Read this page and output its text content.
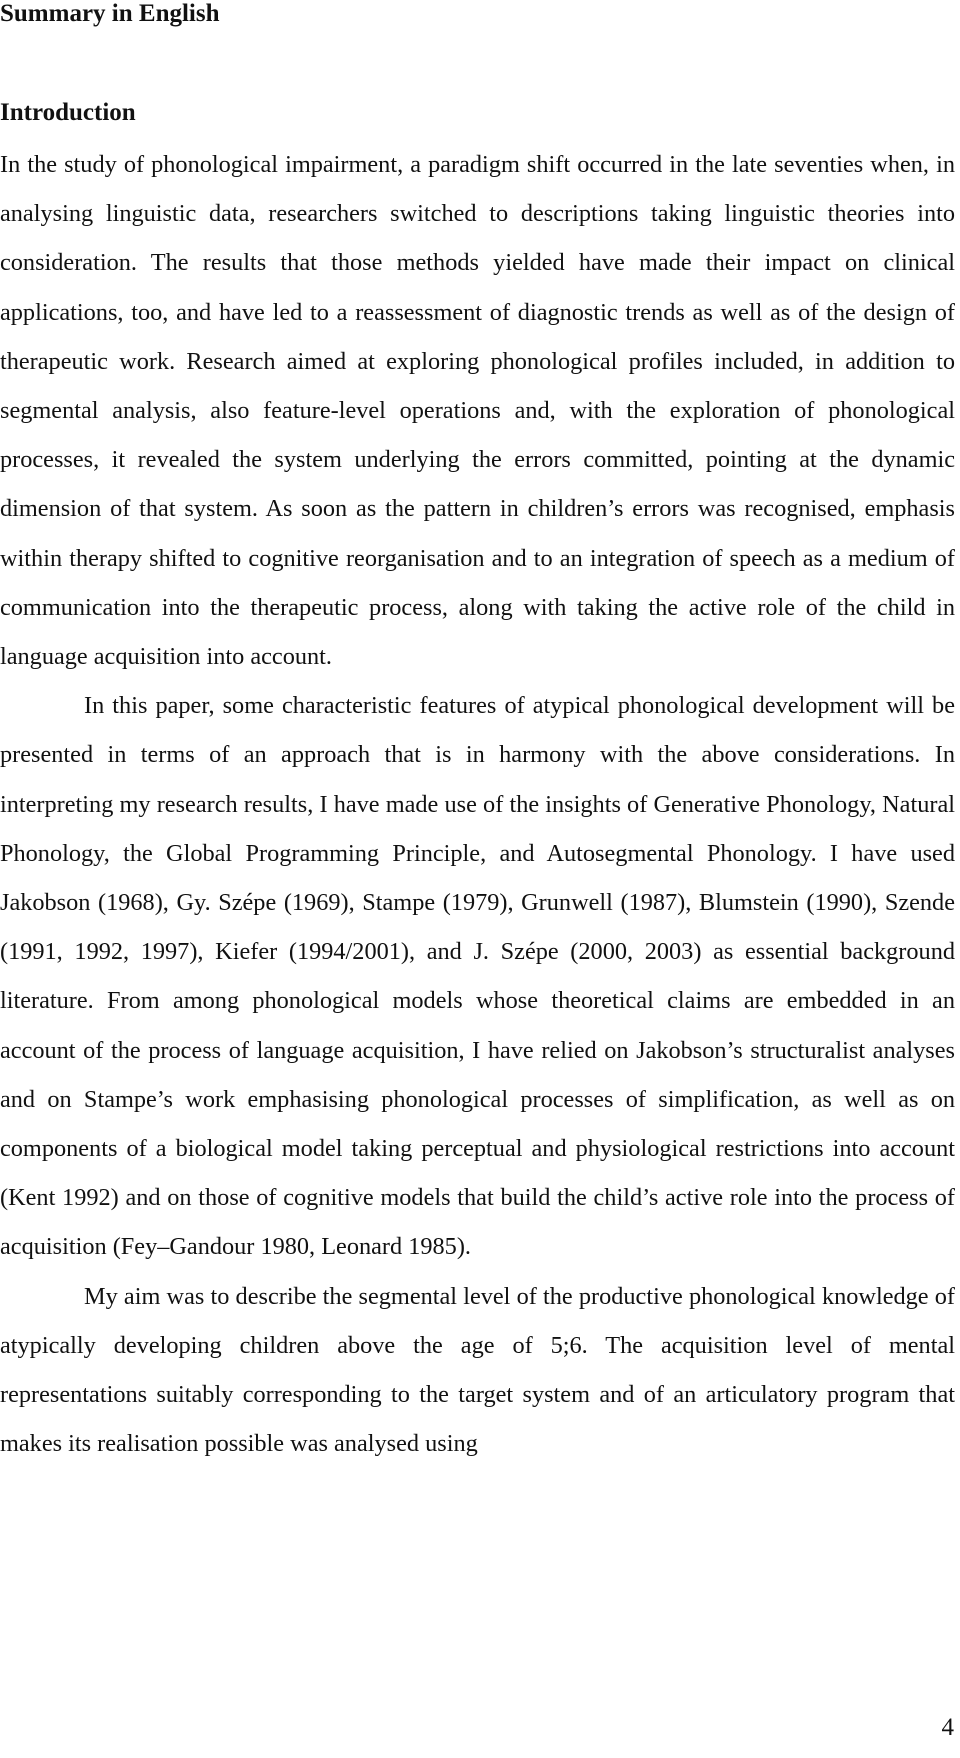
Summary in English
Introduction

In the study of phonological impairment, a paradigm shift occurred in the late seventies when, in analysing linguistic data, researchers switched to descriptions taking linguistic theories into consideration. The results that those methods yielded have made their impact on clinical applications, too, and have led to a reassessment of diagnostic trends as well as of the design of therapeutic work. Research aimed at exploring phonological profiles included, in addition to segmental analysis, also feature-level operations and, with the exploration of phonological processes, it revealed the system underlying the errors committed, pointing at the dynamic dimension of that system. As soon as the pattern in children’s errors was recognised, emphasis within therapy shifted to cognitive reorganisation and to an integration of speech as a medium of communication into the therapeutic process, along with taking the active role of the child in language acquisition into account.

In this paper, some characteristic features of atypical phonological development will be presented in terms of an approach that is in harmony with the above considerations. In interpreting my research results, I have made use of the insights of Generative Phonology, Natural Phonology, the Global Programming Principle, and Autosegmental Phonology. I have used Jakobson (1968), Gy. Szépe (1969), Stampe (1979), Grunwell (1987), Blumstein (1990), Szende (1991, 1992, 1997), Kiefer (1994/2001), and J. Szépe (2000, 2003) as essential background literature. From among phonological models whose theoretical claims are embedded in an account of the process of language acquisition, I have relied on Jakobson’s structuralist analyses and on Stampe’s work emphasising phonological processes of simplification, as well as on components of a biological model taking perceptual and physiological restrictions into account (Kent 1992) and on those of cognitive models that build the child’s active role into the process of acquisition (Fey–Gandour 1980, Leonard 1985).

My aim was to describe the segmental level of the productive phonological knowledge of atypically developing children above the age of 5;6. The acquisition level of mental representations suitably corresponding to the target system and of an articulatory program that makes its realisation possible was analysed using

4
